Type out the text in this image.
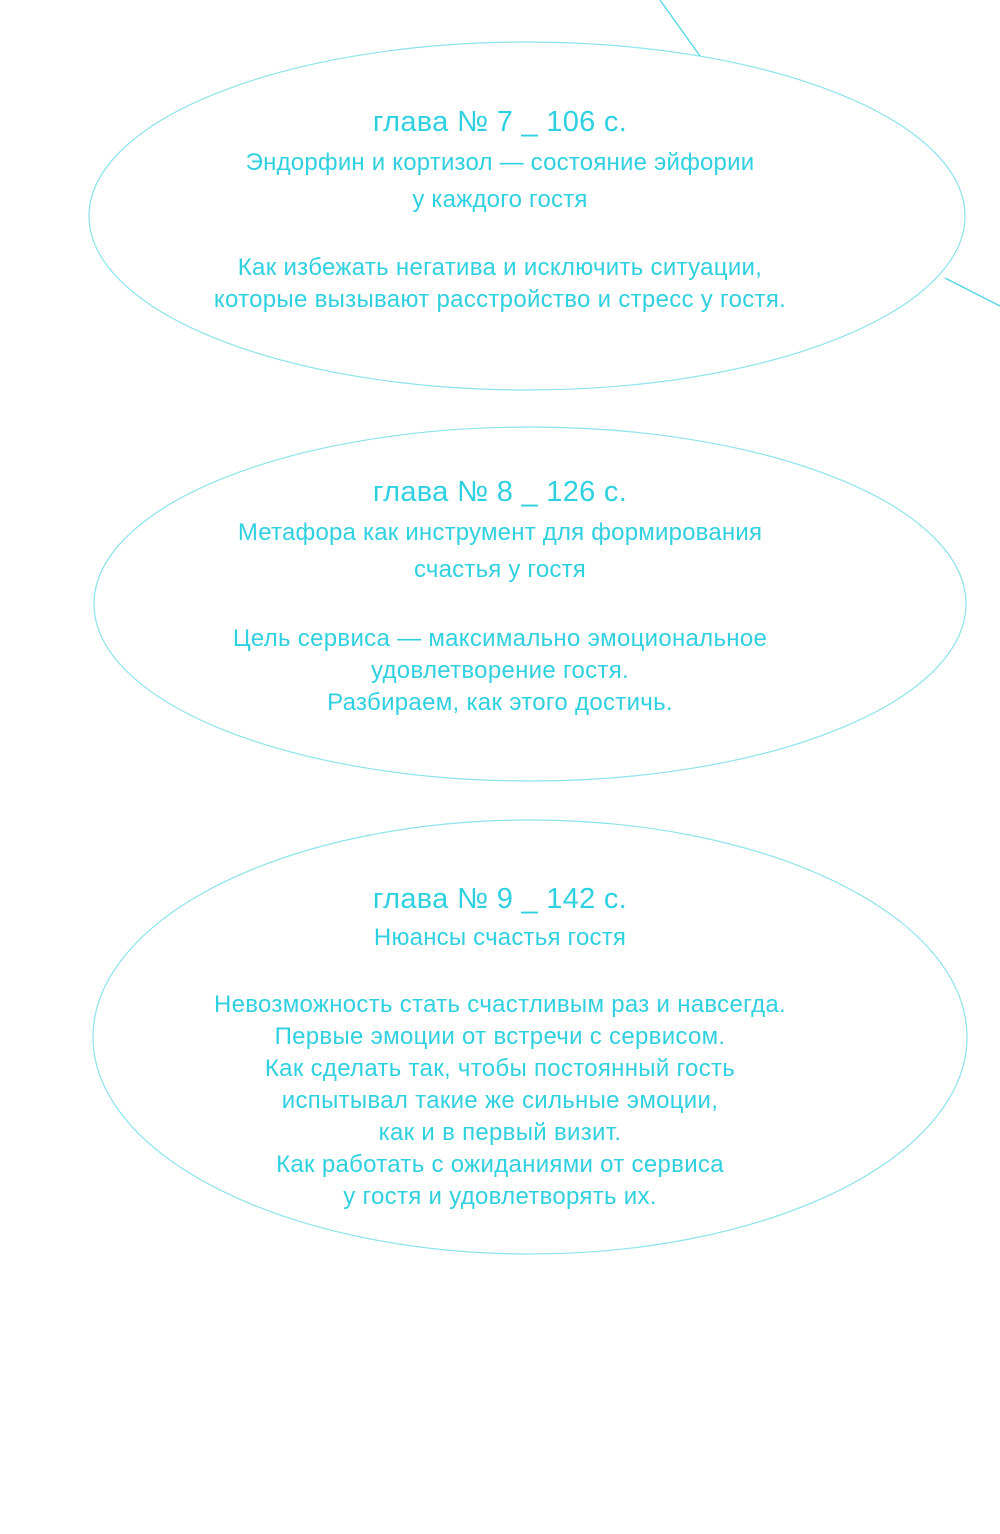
глава № 7 _ 106 с.
Эндорфин и кортизол — состояние эйфории
у каждого гостя
Как избежать негатива и исключить ситуации,
которые вызывают расстройство и стресс у гостя.
глава № 8 _ 126 с.
Метафора как инструмент для формирования
счастья у гостя
Цель сервиса — максимально эмоциональное
удовлетворение гостя.
Разбираем, как этого достичь.
глава № 9 _ 142 с.
Нюансы счастья гостя
Невозможность стать счастливым раз и навсегда.
Первые эмоции от встречи с сервисом.
Как сделать так, чтобы постоянный гость
испытывал такие же сильные эмоции,
как и в первый визит.
Как работать с ожиданиями от сервиса
у гостя и удовлетворять их.
